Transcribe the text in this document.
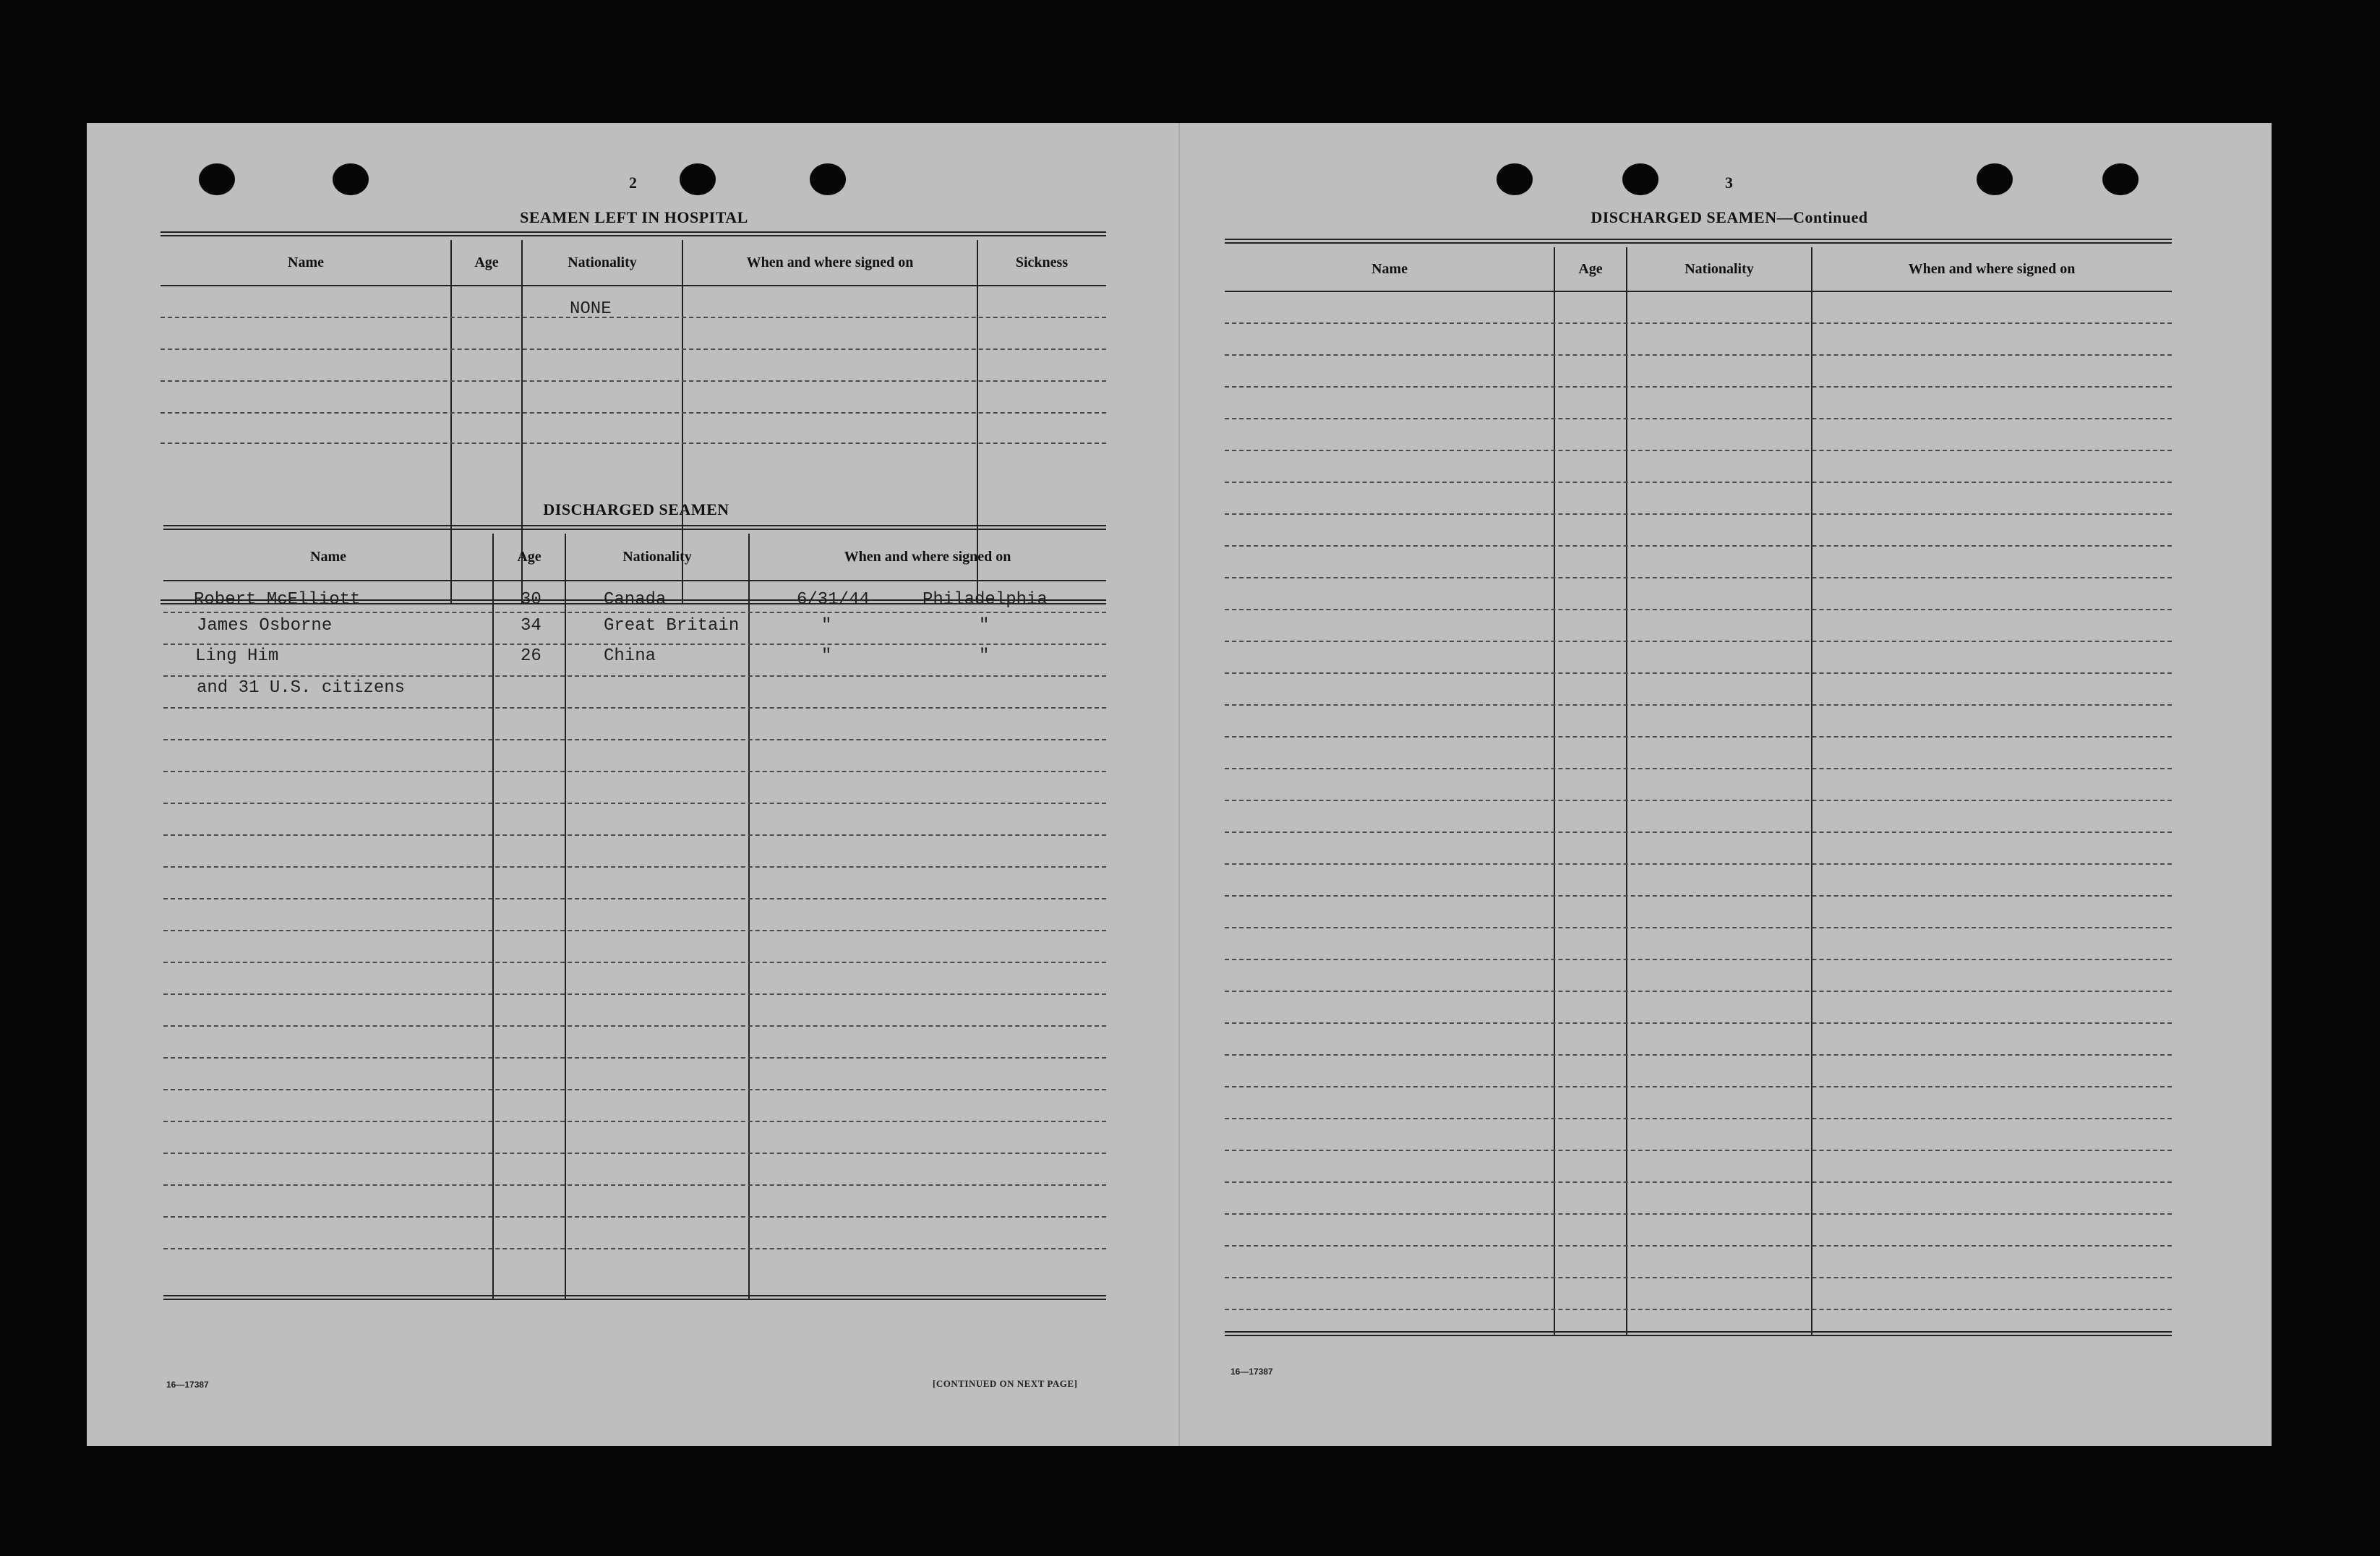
2
SEAMEN LEFT IN HOSPITAL
Name	Age	Nationality	When and where signed on	Sickness
NONE
DISCHARGED SEAMEN
Name	Age	Nationality	When and where signed on
Robert McElliott	30	Canada	6/31/44	Philadelphia
James Osborne	34	Great Britain	"	"
Ling Him	26	China	"	"
and 31 U.S. citizens
16—17387	[CONTINUED ON NEXT PAGE]
3
DISCHARGED SEAMEN—Continued
Name	Age	Nationality	When and where signed on
16—17387
